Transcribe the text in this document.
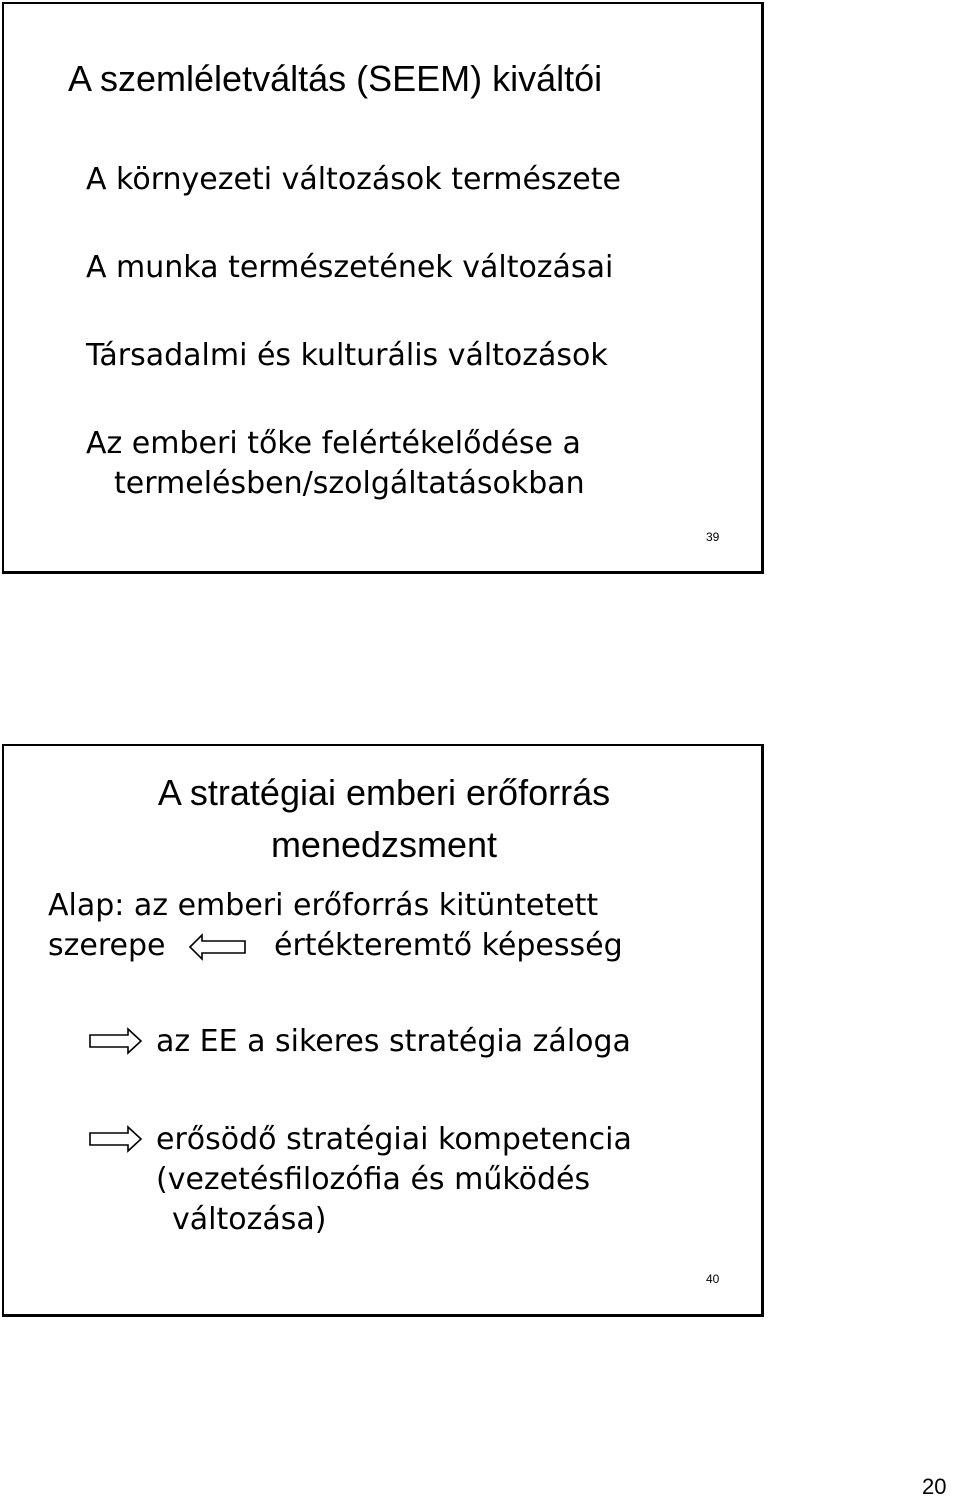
A szemléletváltás (SEEM) kiváltói
A környezeti változások természete
A munka természetének változásai
Társadalmi és kulturális változások
Az emberi tőke felértékelődése a
termelésben/szolgáltatásokban
39
A stratégiai emberi erőforrás
menedzsment
Alap: az emberi erőforrás kitüntetett
szerepe	értékteremtő képesség
az EE a sikeres stratégia záloga
erősödő stratégiai kompetencia
(vezetésfilozófia és működés
változása)
40
20
